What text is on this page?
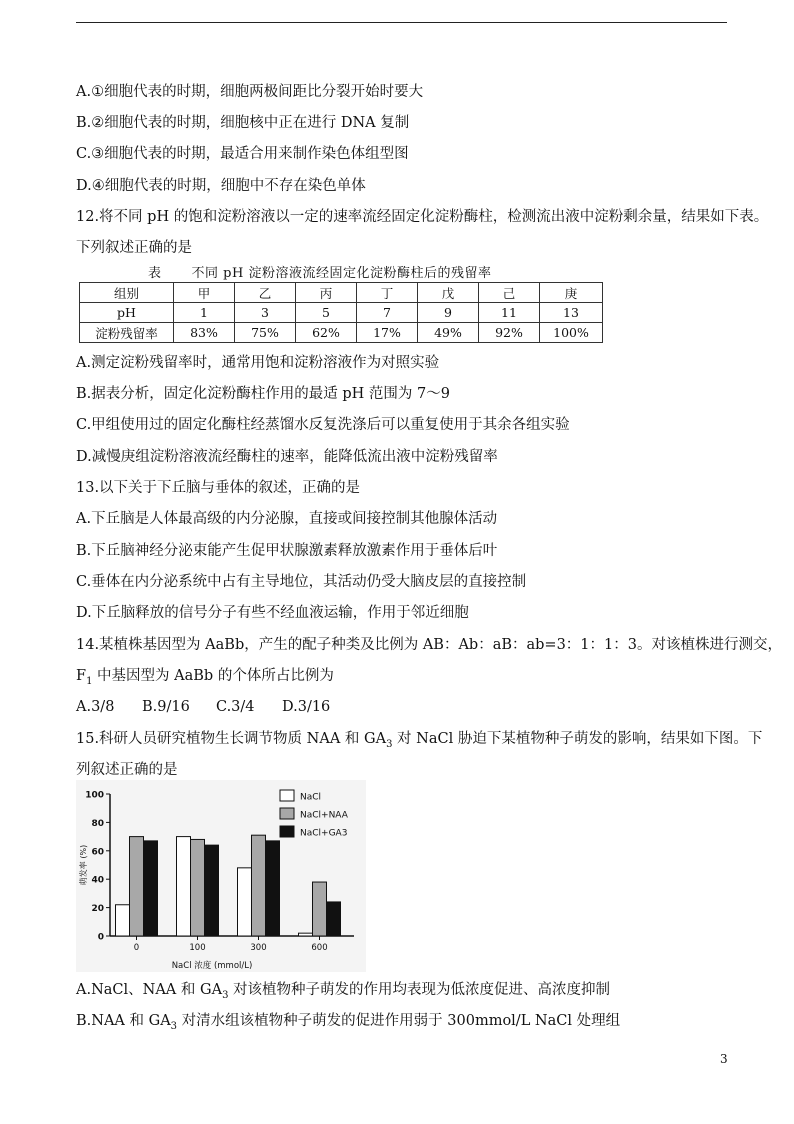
A.①细胞代表的时期，细胞两极间距比分裂开始时要大
B.②细胞代表的时期，细胞核中正在进行 DNA 复制
C.③细胞代表的时期，最适合用来制作染色体组型图
D.④细胞代表的时期，细胞中不存在染色单体
12.将不同 pH 的饱和淀粉溶液以一定的速率流经固定化淀粉酶柱，检测流出液中淀粉剩余量，结果如下表。
下列叙述正确的是
表 不同 pH 淀粉溶液流经固定化淀粉酶柱后的残留率
组别	甲	乙	丙	丁	戊	己	庚
pH	1	3	5	7	9	11	13
淀粉残留率	83%	75%	62%	17%	49%	92%	100%
A.测定淀粉残留率时，通常用饱和淀粉溶液作为对照实验
B.据表分析，固定化淀粉酶柱作用的最适 pH 范围为 7～9
C.甲组使用过的固定化酶柱经蒸馏水反复洗涤后可以重复使用于其余各组实验
D.减慢庚组淀粉溶液流经酶柱的速率，能降低流出液中淀粉残留率
13.以下关于下丘脑与垂体的叙述，正确的是
A.下丘脑是人体最高级的内分泌腺，直接或间接控制其他腺体活动
B.下丘脑神经分泌束能产生促甲状腺激素释放激素作用于垂体后叶
C.垂体在内分泌系统中占有主导地位，其活动仍受大脑皮层的直接控制
D.下丘脑释放的信号分子有些不经血液运输，作用于邻近细胞
14.某植株基因型为 AaBb，产生的配子种类及比例为 AB：Ab：aB：ab=3：1：1：3。对该植株进行测交，
$F_1$ 中基因型为 AaBb 的个体所占比例为
A.3/8 B.9/16 C.3/4 D.3/16
15.科研人员研究植物生长调节物质 NAA 和 $GA_3$ 对 NaCl 胁迫下某植物种子萌发的影响，结果如下图。下
列叙述正确的是
0
20
40
60
80
100
萌发率 (%)
0	100	300	600
NaCl 浓度 (mmol/L)
NaCl
NaCl+NAA
NaCl+GA3
A.NaCl、NAA 和 $GA_3$ 对该植物种子萌发的作用均表现为低浓度促进、高浓度抑制
B.NAA 和 $GA_3$ 对清水组该植物种子萌发的促进作用弱于 300mmol/L NaCl 处理组
3
